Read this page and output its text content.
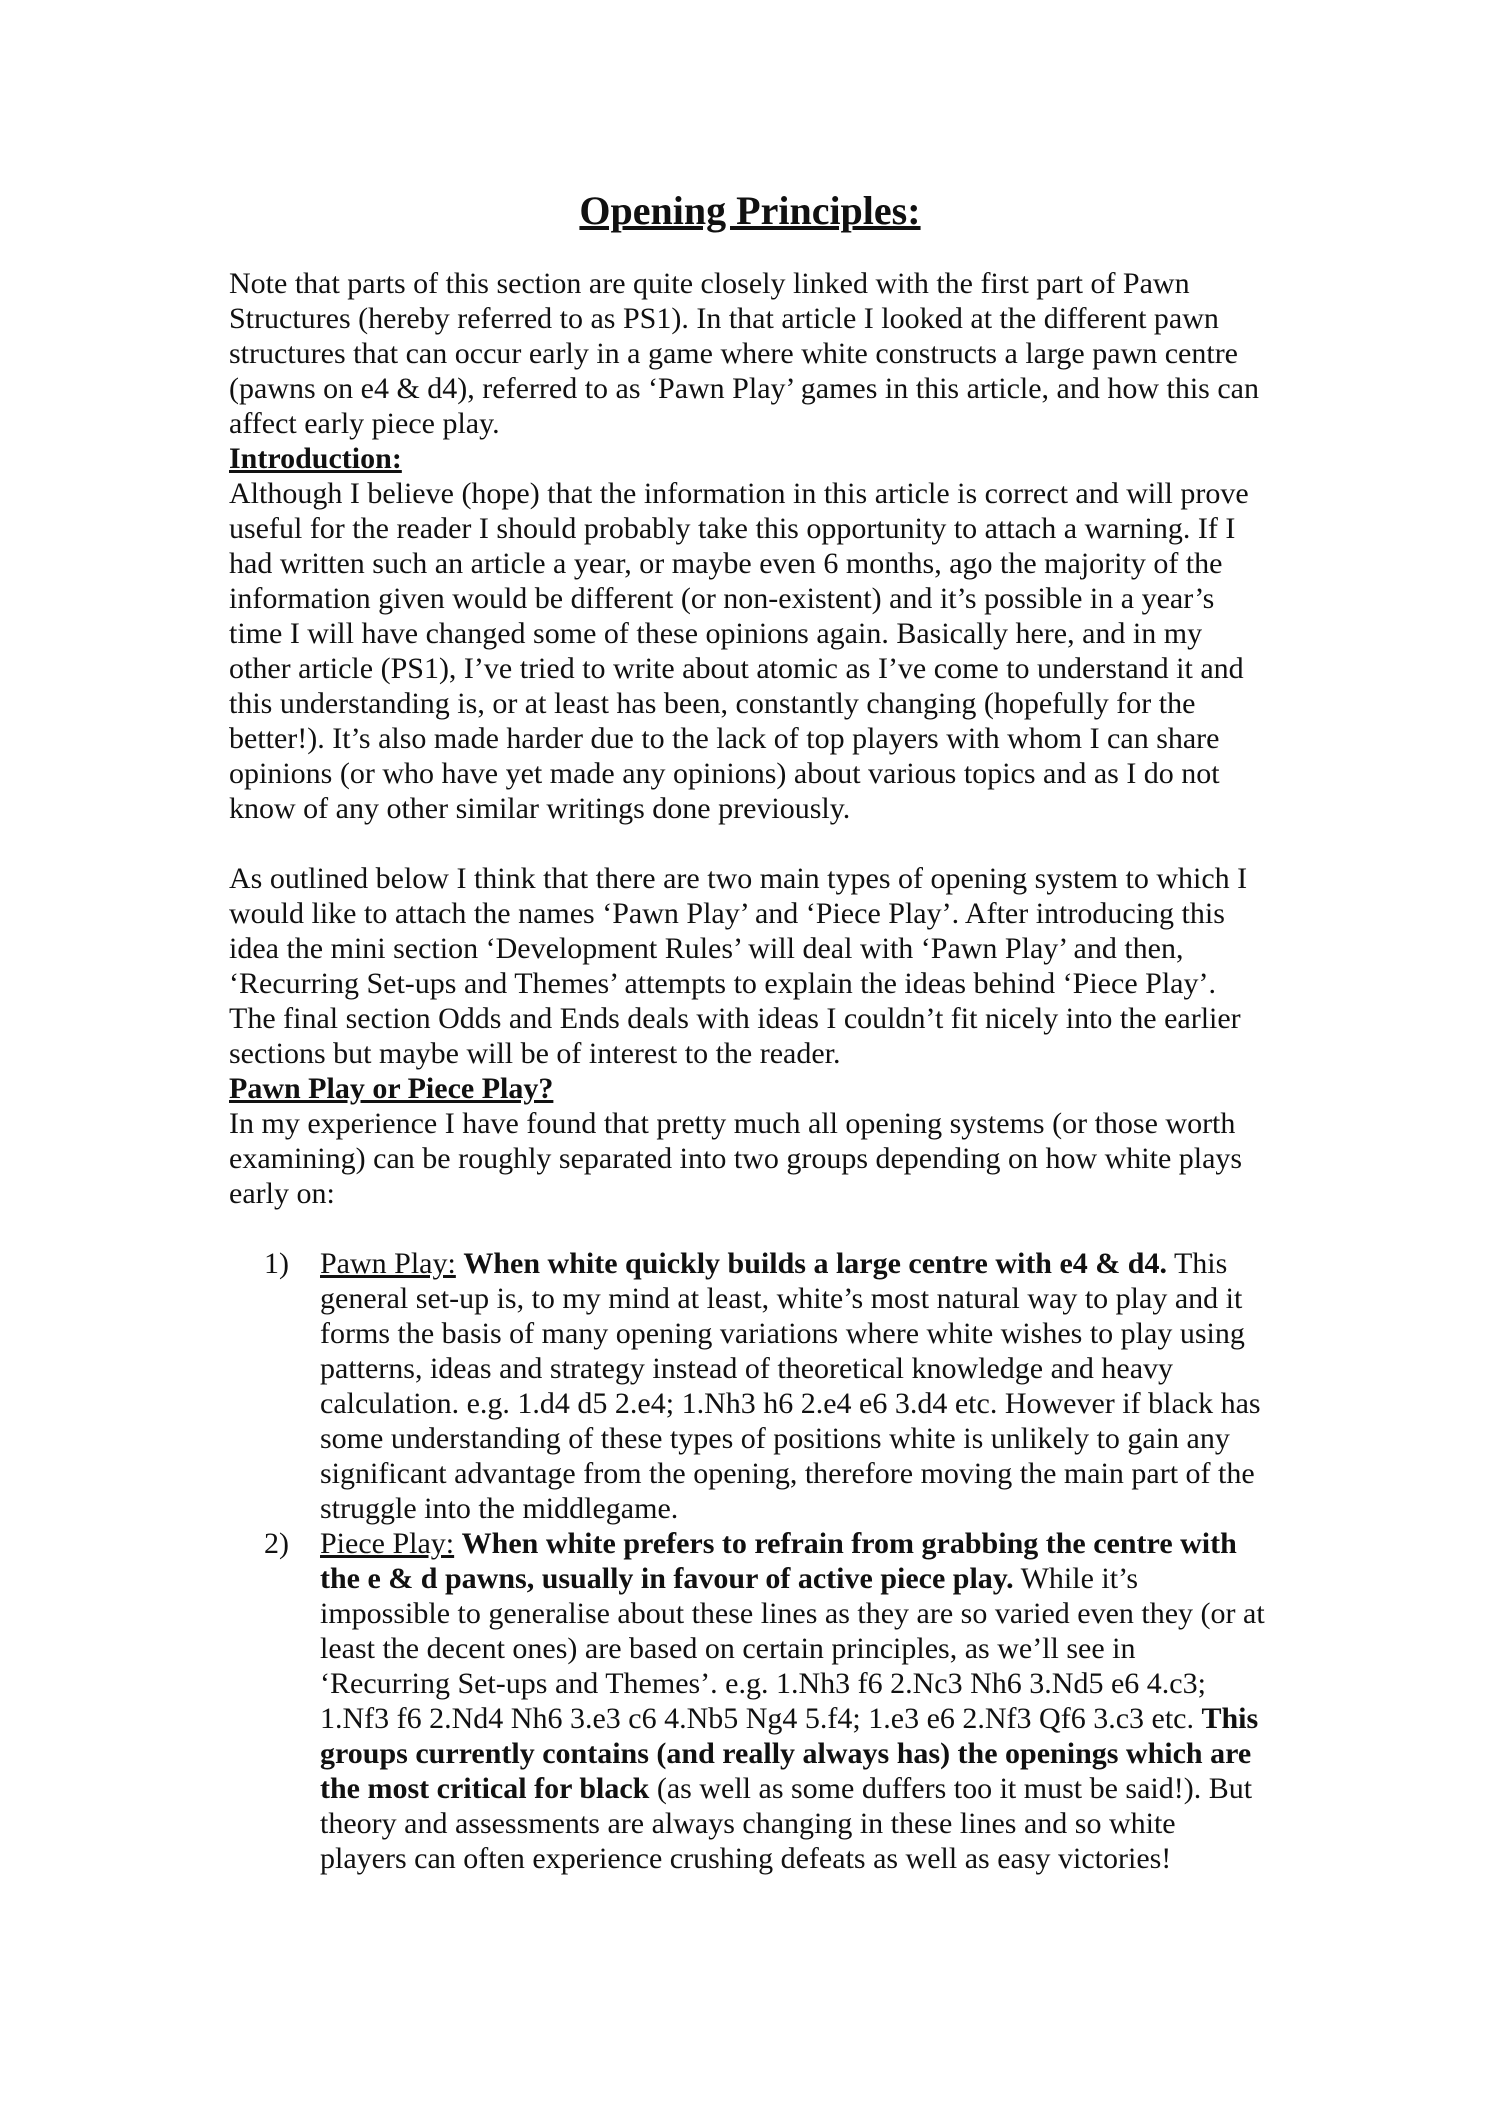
Opening Principles:
Note that parts of this section are quite closely linked with the first part of Pawn
Structures (hereby referred to as PS1). In that article I looked at the different pawn
structures that can occur early in a game where white constructs a large pawn centre
(pawns on e4 & d4), referred to as ‘Pawn Play’ games in this article, and how this can
affect early piece play.
Introduction:
Although I believe (hope) that the information in this article is correct and will prove
useful for the reader I should probably take this opportunity to attach a warning. If I
had written such an article a year, or maybe even 6 months, ago the majority of the
information given would be different (or non-existent) and it’s possible in a year’s
time I will have changed some of these opinions again. Basically here, and in my
other article (PS1), I’ve tried to write about atomic as I’ve come to understand it and
this understanding is, or at least has been, constantly changing (hopefully for the
better!). It’s also made harder due to the lack of top players with whom I can share
opinions (or who have yet made any opinions) about various topics and as I do not
know of any other similar writings done previously.
As outlined below I think that there are two main types of opening system to which I
would like to attach the names ‘Pawn Play’ and ‘Piece Play’. After introducing this
idea the mini section ‘Development Rules’ will deal with ‘Pawn Play’ and then,
‘Recurring Set-ups and Themes’ attempts to explain the ideas behind ‘Piece Play’.
The final section Odds and Ends deals with ideas I couldn’t fit nicely into the earlier
sections but maybe will be of interest to the reader.
Pawn Play or Piece Play?
In my experience I have found that pretty much all opening systems (or those worth
examining) can be roughly separated into two groups depending on how white plays
early on:
1) Pawn Play: When white quickly builds a large centre with e4 & d4. This
general set-up is, to my mind at least, white’s most natural way to play and it
forms the basis of many opening variations where white wishes to play using
patterns, ideas and strategy instead of theoretical knowledge and heavy
calculation. e.g. 1.d4 d5 2.e4; 1.Nh3 h6 2.e4 e6 3.d4 etc. However if black has
some understanding of these types of positions white is unlikely to gain any
significant advantage from the opening, therefore moving the main part of the
struggle into the middlegame.
2) Piece Play: When white prefers to refrain from grabbing the centre with
the e & d pawns, usually in favour of active piece play. While it’s
impossible to generalise about these lines as they are so varied even they (or at
least the decent ones) are based on certain principles, as we’ll see in
‘Recurring Set-ups and Themes’. e.g. 1.Nh3 f6 2.Nc3 Nh6 3.Nd5 e6 4.c3;
1.Nf3 f6 2.Nd4 Nh6 3.e3 c6 4.Nb5 Ng4 5.f4; 1.e3 e6 2.Nf3 Qf6 3.c3 etc. This
groups currently contains (and really always has) the openings which are
the most critical for black (as well as some duffers too it must be said!). But
theory and assessments are always changing in these lines and so white
players can often experience crushing defeats as well as easy victories!
